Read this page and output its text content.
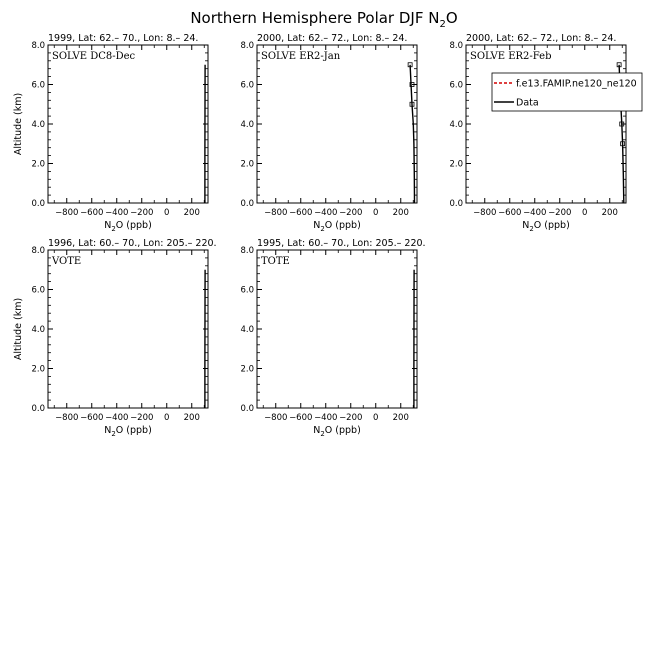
Northern Hemisphere Polar DJF $N_2O$
1999, Lat: 62.– 70., Lon: 8.– 24.
SOLVE DC8-Dec
−800 −600 −400 −200 0 200
0.0
2.0
4.0
6.0
8.0
$N_2O$ (ppb)
Altitude (km)
2000, Lat: 62.– 72., Lon: 8.– 24.
SOLVE ER2-Jan
−800 −600 −400 −200 0 200
0.0
2.0
4.0
6.0
8.0
$N_2O$ (ppb)
2000, Lat: 62.– 72., Lon: 8.– 24.
SOLVE ER2-Feb
−800 −600 −400 −200 0 200
0.0
2.0
4.0
6.0
8.0
$N_2O$ (ppb)
1996, Lat: 60.– 70., Lon: 205.– 220.
VOTE
−800 −600 −400 −200 0 200
0.0
2.0
4.0
6.0
8.0
$N_2O$ (ppb)
Altitude (km)
1995, Lat: 60.– 70., Lon: 205.– 220.
TOTE
−800 −600 −400 −200 0 200
0.0
2.0
4.0
6.0
8.0
$N_2O$ (ppb)
f.e13.FAMIP.ne120_ne120
Data
